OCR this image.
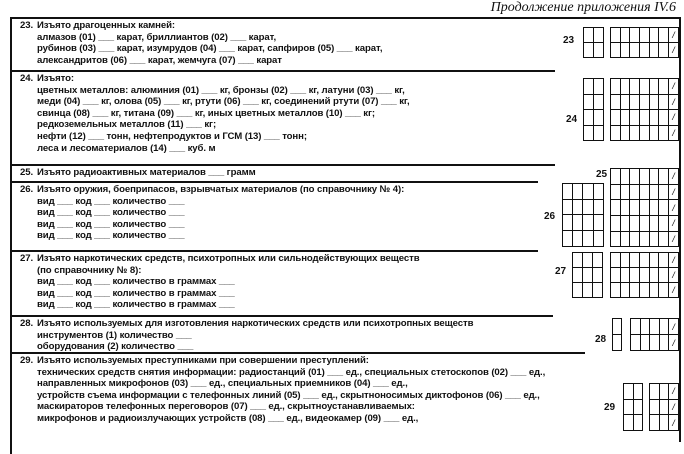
Продолжение приложения IV.6
23. Изъято драгоценных камней:
алмазов (01) ___ карат, бриллиантов (02) ___ карат,
рубинов (03) ___ карат, изумрудов (04) ___ карат, сапфиров (05) ___ карат,
александритов (06) ___ карат, жемчуга (07) ___ карат
24. Изъято:
цветных металлов: алюминия (01) ___ кг, бронзы (02) ___ кг, латуни (03) ___ кг,
меди (04) ___ кг, олова (05) ___ кг, ртути (06) ___ кг, соединений ртути (07) ___ кг,
свинца (08) ___ кг, титана (09) ___ кг, иных цветных металлов (10) ___ кг;
редкоземельных металлов (11) ___ кг;
нефти (12) ___ тонн, нефтепродуктов и ГСМ (13) ___ тонн;
леса и лесоматериалов (14) ___ куб. м
25. Изъято радиоактивных материалов ___ грамм
26. Изъято оружия, боеприпасов, взрывчатых материалов (по справочнику № 4):
вид ___ код ___ количество ___
вид ___ код ___ количество ___
вид ___ код ___ количество ___
вид ___ код ___ количество ___
27. Изъято наркотических средств, психотропных или сильнодействующих веществ
(по справочнику № 8):
вид ___ код ___ количество в граммах ___
вид ___ код ___ количество в граммах ___
вид ___ код ___ количество в граммах ___
28. Изъято используемых для изготовления наркотических средств или психотропных веществ
инструментов (1) количество ___
оборудования (2) количество ___
29. Изъято используемых преступниками при совершении преступлений:
технических средств снятия информации: радиостанций (01) ___ ед., специальных стетоскопов (02) ___ ед.,
направленных микрофонов (03) ___ ед., специальных приемников (04) ___ ед.,
устройств съема информации с телефонных линий (05) ___ ед., скрытноносимых диктофонов (06) ___ ед.,
маскираторов телефонных переговоров (07) ___ ед., скрытноустанавливаемых:
микрофонов и радиоизлучающих устройств (08) ___ ед., видеокамер (09) ___ ед.,
23
24
25
26
27
28
29
/
/
/
/
/
/
/
/
/
/
/
/
/
/
/
/
/
/
/
